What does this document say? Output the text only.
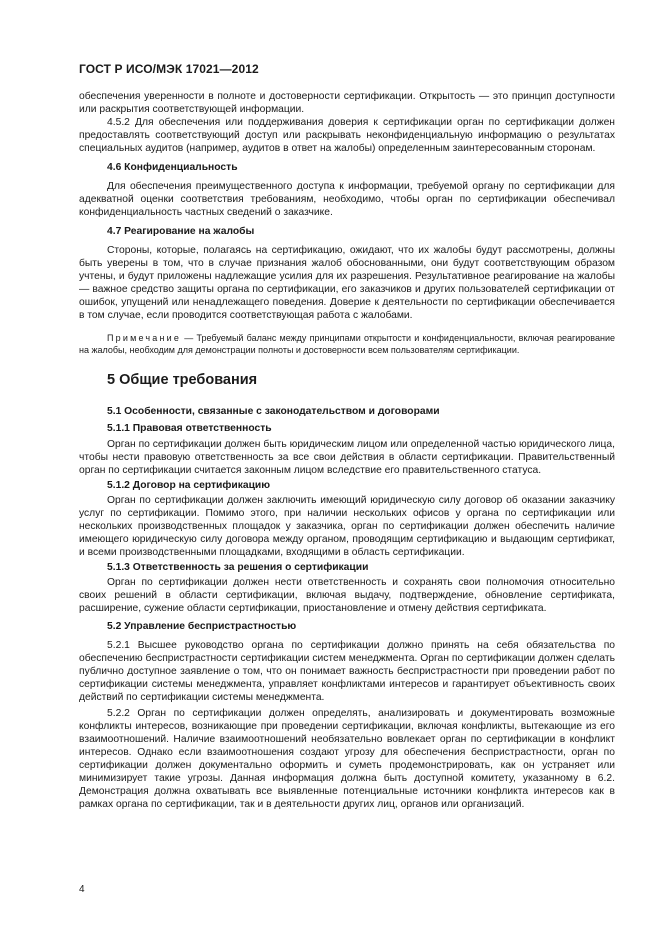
ГОСТ Р ИСО/МЭК 17021—2012

обеспечения уверенности в полноте и достоверности сертификации. Открытость — это принцип доступности или раскрытия соответствующей информации.

4.5.2 Для обеспечения или поддерживания доверия к сертификации орган по сертификации должен предоставлять соответствующий доступ или раскрывать неконфиденциальную информацию о результатах специальных аудитов (например, аудитов в ответ на жалобы) определенным заинтересованным сторонам.

4.6 Конфиденциальность

Для обеспечения преимущественного доступа к информации, требуемой органу по сертификации для адекватной оценки соответствия требованиям, необходимо, чтобы орган по сертификации обеспечивал конфиденциальность частных сведений о заказчике.

4.7 Реагирование на жалобы

Стороны, которые, полагаясь на сертификацию, ожидают, что их жалобы будут рассмотрены, должны быть уверены в том, что в случае признания жалоб обоснованными, они будут соответствующим образом учтены, и будут приложены надлежащие усилия для их разрешения. Результативное реагирование на жалобы — важное средство защиты органа по сертификации, его заказчиков и других пользователей сертификации от ошибок, упущений или ненадлежащего поведения. Доверие к деятельности по сертификации обеспечивается в том случае, если проводится соответствующая работа с жалобами.

Примечание — Требуемый баланс между принципами открытости и конфиденциальности, включая реагирование на жалобы, необходим для демонстрации полноты и достоверности всем пользователям сертификации.

5 Общие требования

5.1 Особенности, связанные с законодательством и договорами

5.1.1 Правовая ответственность

Орган по сертификации должен быть юридическим лицом или определенной частью юридического лица, чтобы нести правовую ответственность за все свои действия в области сертификации. Правительственный орган по сертификации считается законным лицом вследствие его правительственного статуса.

5.1.2 Договор на сертификацию

Орган по сертификации должен заключить имеющий юридическую силу договор об оказании заказчику услуг по сертификации. Помимо этого, при наличии нескольких офисов у органа по сертификации или нескольких производственных площадок у заказчика, орган по сертификации должен обеспечить наличие имеющего юридическую силу договора между органом, проводящим сертификацию и выдающим сертификат, и всеми производственными площадками, входящими в область сертификации.

5.1.3 Ответственность за решения о сертификации

Орган по сертификации должен нести ответственность и сохранять свои полномочия относительно своих решений в области сертификации, включая выдачу, подтверждение, обновление сертификата, расширение, сужение области сертификации, приостановление и отмену действия сертификата.

5.2 Управление беспристрастностью

5.2.1 Высшее руководство органа по сертификации должно принять на себя обязательства по обеспечению беспристрастности сертификации систем менеджмента. Орган по сертификации должен сделать публично доступное заявление о том, что он понимает важность беспристрастности при проведении работ по сертификации системы менеджмента, управляет конфликтами интересов и гарантирует объективность своих действий по сертификации системы менеджмента.

5.2.2 Орган по сертификации должен определять, анализировать и документировать возможные конфликты интересов, возникающие при проведении сертификации, включая конфликты, вытекающие из его взаимоотношений. Наличие взаимоотношений необязательно вовлекает орган по сертификации в конфликт интересов. Однако если взаимоотношения создают угрозу для обеспечения беспристрастности, орган по сертификации должен документально оформить и суметь продемонстрировать, как он устраняет или минимизирует такие угрозы. Данная информация должна быть доступной комитету, указанному в 6.2. Демонстрация должна охватывать все выявленные потенциальные источники конфликта интересов как в рамках органа по сертификации, так и в деятельности других лиц, органов или организаций.

4
